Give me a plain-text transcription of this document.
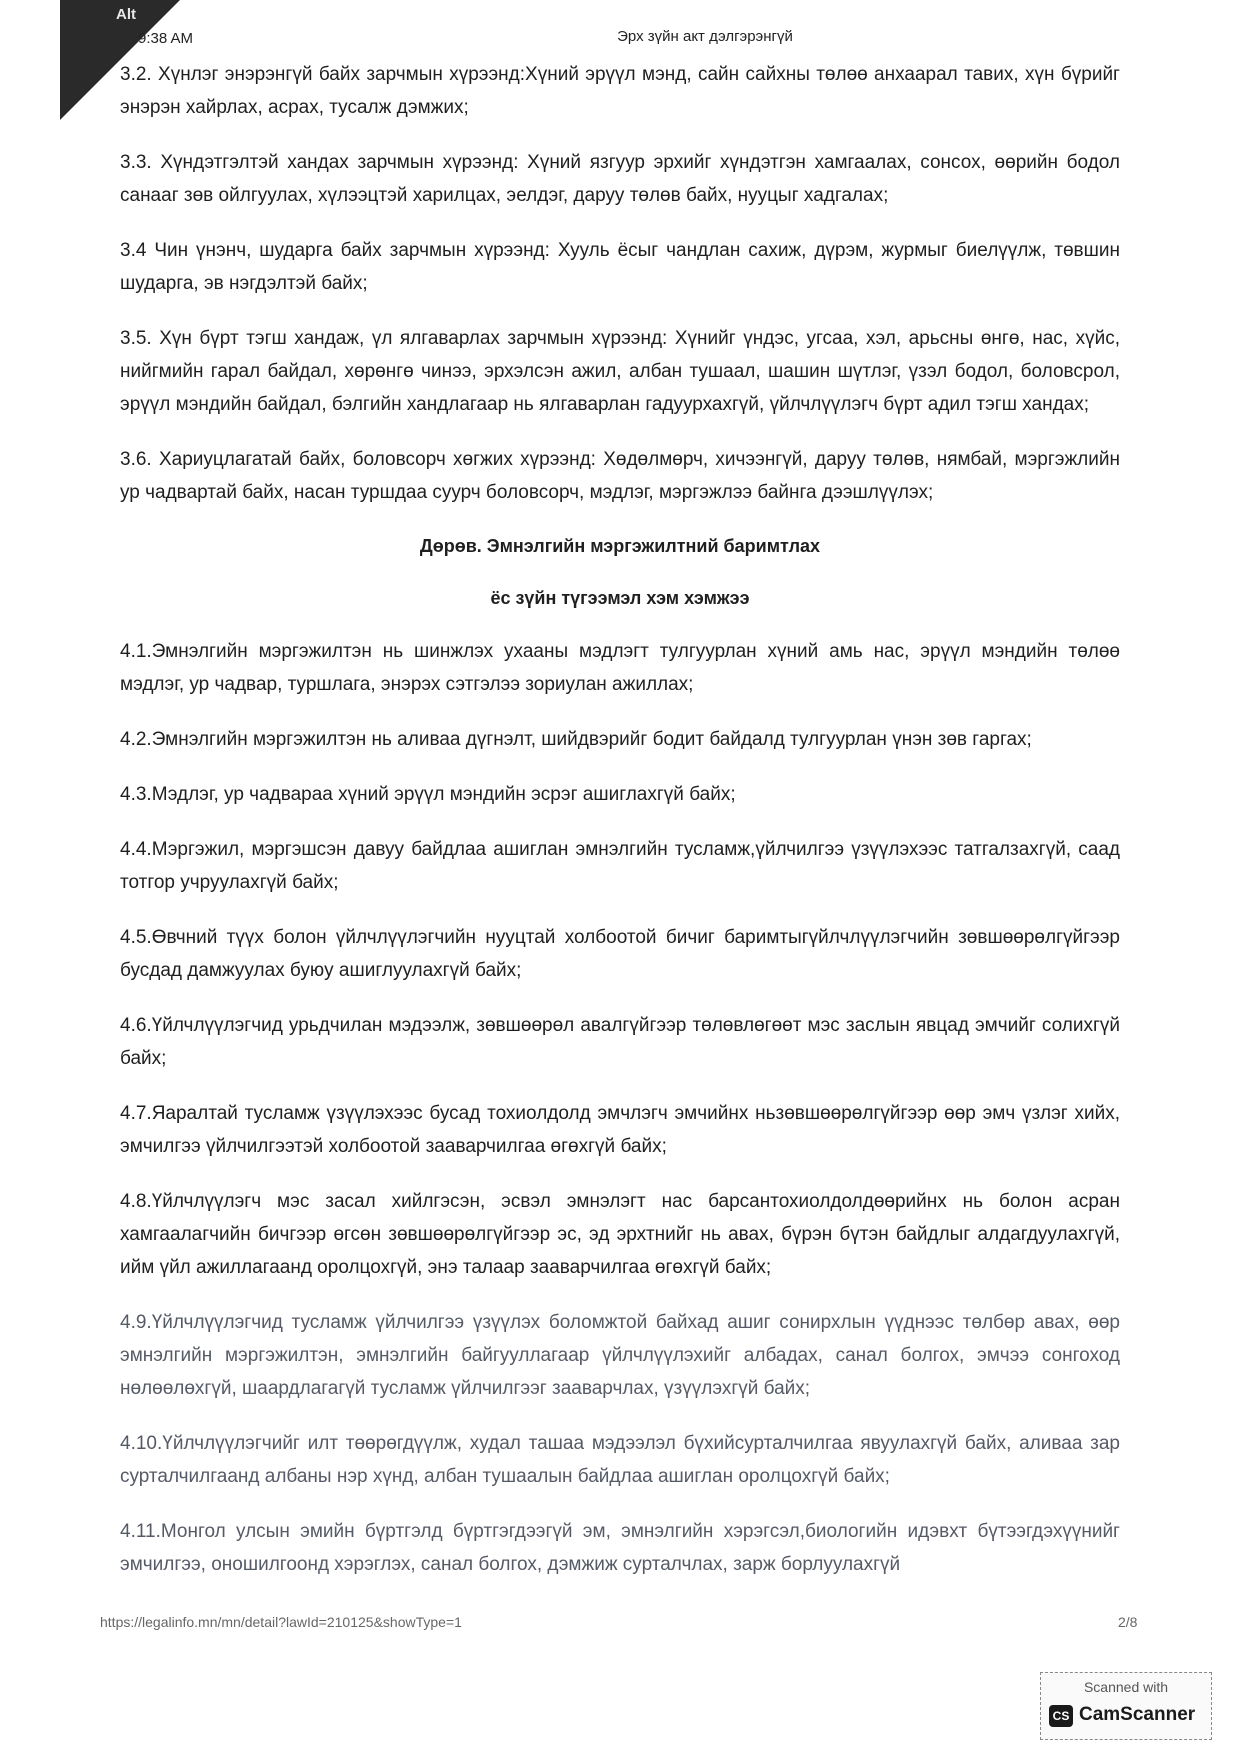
Alt
9:38 AM	Эрх зүйн акт дэлгэрэнгүй

3.2. Хүнлэг энэрэнгүй байх зарчмын хүрээнд:Хүний эрүүл мэнд, сайн сайхны төлөө анхаарал тавих, хүн бүрийг энэрэн хайрлах, асрах, тусалж дэмжих;

3.3. Хүндэтгэлтэй хандах зарчмын хүрээнд: Хүний язгуур эрхийг хүндэтгэн хамгаалах, сонсох, өөрийн бодол санааг зөв ойлгуулах, хүлээцтэй харилцах, эелдэг, даруу төлөв байх, нууцыг хадгалах;

3.4 Чин үнэнч, шударга байх зарчмын хүрээнд: Хууль ёсыг чандлан сахиж, дүрэм, журмыг биелүүлж, төвшин шударга, эв нэгдэлтэй байх;

3.5. Хүн бүрт тэгш хандаж, үл ялгаварлах зарчмын хүрээнд: Хүнийг үндэс, угсаа, хэл, арьсны өнгө, нас, хүйс, нийгмийн гарал байдал, хөрөнгө чинээ, эрхэлсэн ажил, албан тушаал, шашин шүтлэг, үзэл бодол, боловсрол, эрүүл мэндийн байдал, бэлгийн хандлагаар нь ялгаварлан гадуурхахгүй, үйлчлүүлэгч бүрт адил тэгш хандах;

3.6. Хариуцлагатай байх, боловсорч хөгжих хүрээнд: Хөдөлмөрч, хичээнгүй, даруу төлөв, нямбай, мэргэжлийн ур чадвартай байх, насан туршдаа суурч боловсорч, мэдлэг, мэргэжлээ байнга дээшлүүлэх;

Дөрөв. Эмнэлгийн мэргэжилтний баримтлах
ёс зүйн түгээмэл хэм хэмжээ

4.1.Эмнэлгийн мэргэжилтэн нь шинжлэх ухааны мэдлэгт тулгуурлан хүний амь нас, эрүүл мэндийн төлөө мэдлэг, ур чадвар, туршлага, энэрэх сэтгэлээ зориулан ажиллах;

4.2.Эмнэлгийн мэргэжилтэн нь аливаа дүгнэлт, шийдвэрийг бодит байдалд тулгуурлан үнэн зөв гаргах;

4.3.Мэдлэг, ур чадвараа хүний эрүүл мэндийн эсрэг ашиглахгүй байх;

4.4.Мэргэжил, мэргэшсэн давуу байдлаа ашиглан эмнэлгийн тусламж,үйлчилгээ үзүүлэхээс татгалзахгүй, саад тотгор учруулахгүй байх;

4.5.Өвчний түүх болон үйлчлүүлэгчийн нууцтай холбоотой бичиг баримтыгүйлчлүүлэгчийн зөвшөөрөлгүйгээр бусдад дамжуулах буюу ашиглуулахгүй байх;

4.6.Үйлчлүүлэгчид урьдчилан мэдээлж, зөвшөөрөл авалгүйгээр төлөвлөгөөт мэс заслын явцад эмчийг солихгүй байх;

4.7.Яаралтай тусламж үзүүлэхээс бусад тохиолдолд эмчлэгч эмчийнх ньзөвшөөрөлгүйгээр өөр эмч үзлэг хийх, эмчилгээ үйлчилгээтэй холбоотой зааварчилгаа өгөхгүй байх;

4.8.Үйлчлүүлэгч мэс засал хийлгэсэн, эсвэл эмнэлэгт нас барсантохиолдолдөөрийнх нь болон асран хамгаалагчийн бичгээр өгсөн зөвшөөрөлгүйгээр эс, эд эрхтнийг нь авах, бүрэн бүтэн байдлыг алдагдуулахгүй, ийм үйл ажиллагаанд оролцохгүй, энэ талаар зааварчилгаа өгөхгүй байх;

4.9.Үйлчлүүлэгчид тусламж үйлчилгээ үзүүлэх боломжтой байхад ашиг сонирхлын үүднээс төлбөр авах, өөр эмнэлгийн мэргэжилтэн, эмнэлгийн байгууллагаар үйлчлүүлэхийг албадах, санал болгох, эмчээ сонгоход нөлөөлөхгүй, шаардлагагүй тусламж үйлчилгээг зааварчлах, үзүүлэхгүй байх;

4.10.Үйлчлүүлэгчийг илт төөрөгдүүлж, худал ташаа мэдээлэл бүхийсурталчилгаа явуулахгүй байх, аливаа зар сурталчилгаанд албаны нэр хүнд, албан тушаалын байдлаа ашиглан оролцохгүй байх;

4.11.Монгол улсын эмийн бүртгэлд бүртгэгдээгүй эм, эмнэлгийн хэрэгсэл,биологийн идэвхт бүтээгдэхүүнийг эмчилгээ, оношилгоонд хэрэглэх, санал болгох, дэмжиж сурталчлах, зарж борлуулахгүй

https://legalinfo.mn/mn/detail?lawId=210125&showType=1	2/8
Scanned with
CS CamScanner
